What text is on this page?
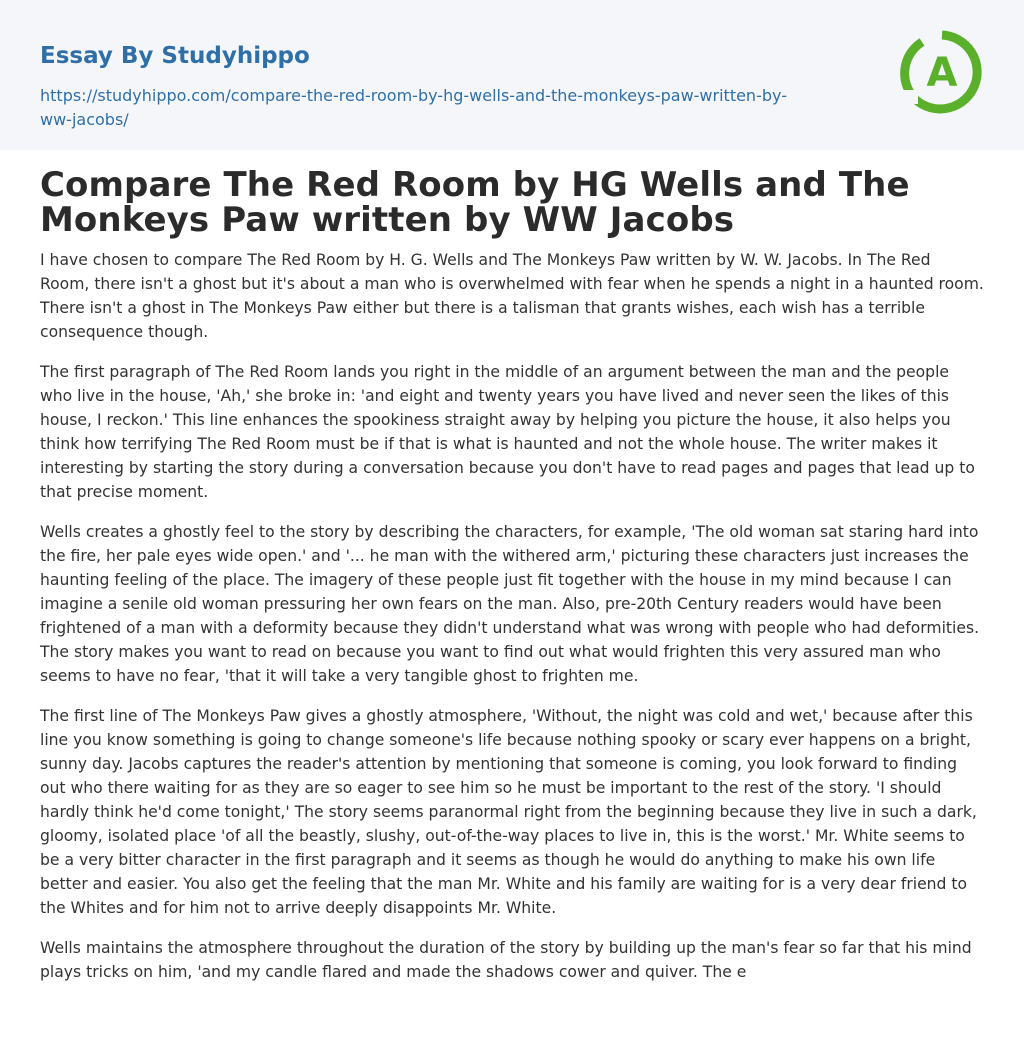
Essay By Studyhippo
https://studyhippo.com/compare-the-red-room-by-hg-wells-and-the-monkeys-paw-written-by-ww-jacobs/
A
Compare The Red Room by HG Wells and The Monkeys Paw written by WW Jacobs

I have chosen to compare The Red Room by H. G. Wells and The Monkeys Paw written by W. W. Jacobs. In The Red Room, there isn't a ghost but it's about a man who is overwhelmed with fear when he spends a night in a haunted room. There isn't a ghost in The Monkeys Paw either but there is a talisman that grants wishes, each wish has a terrible consequence though.

The first paragraph of The Red Room lands you right in the middle of an argument between the man and the people who live in the house, 'Ah,' she broke in: 'and eight and twenty years you have lived and never seen the likes of this house, I reckon.' This line enhances the spookiness straight away by helping you picture the house, it also helps you think how terrifying The Red Room must be if that is what is haunted and not the whole house. The writer makes it interesting by starting the story during a conversation because you don't have to read pages and pages that lead up to that precise moment.

Wells creates a ghostly feel to the story by describing the characters, for example, 'The old woman sat staring hard into the fire, her pale eyes wide open.' and '... he man with the withered arm,' picturing these characters just increases the haunting feeling of the place. The imagery of these people just fit together with the house in my mind because I can imagine a senile old woman pressuring her own fears on the man. Also, pre-20th Century readers would have been frightened of a man with a deformity because they didn't understand what was wrong with people who had deformities. The story makes you want to read on because you want to find out what would frighten this very assured man who seems to have no fear, 'that it will take a very tangible ghost to frighten me.

The first line of The Monkeys Paw gives a ghostly atmosphere, 'Without, the night was cold and wet,' because after this line you know something is going to change someone's life because nothing spooky or scary ever happens on a bright, sunny day. Jacobs captures the reader's attention by mentioning that someone is coming, you look forward to finding out who there waiting for as they are so eager to see him so he must be important to the rest of the story. 'I should hardly think he'd come tonight,' The story seems paranormal right from the beginning because they live in such a dark, gloomy, isolated place 'of all the beastly, slushy, out-of-the-way places to live in, this is the worst.' Mr. White seems to be a very bitter character in the first paragraph and it seems as though he would do anything to make his own life better and easier. You also get the feeling that the man Mr. White and his family are waiting for is a very dear friend to the Whites and for him not to arrive deeply disappoints Mr. White.

Wells maintains the atmosphere throughout the duration of the story by building up the man's fear so far that his mind plays tricks on him, 'and my candle flared and made the shadows cower and quiver. The e
